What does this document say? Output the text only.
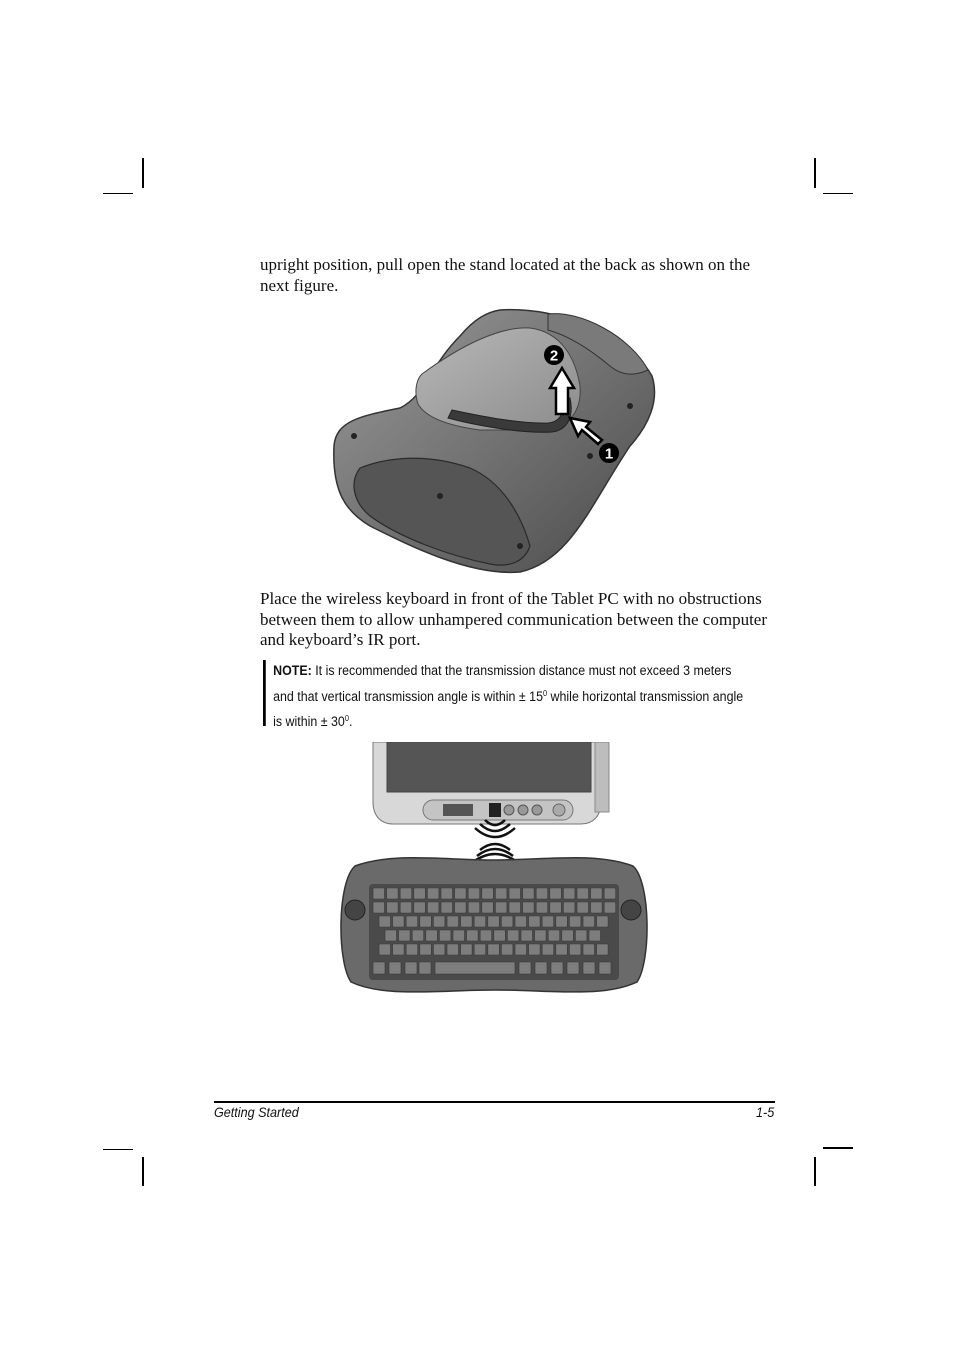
upright position, pull open the stand located at the back as shown on the next figure.

2
1

Place the wireless keyboard in front of the Tablet PC with no obstructions between them to allow unhampered communication between the computer and keyboard’s IR port.

NOTE: It is recommended that the transmission distance must not exceed 3 meters and that vertical transmission angle is within ± $15^0$ while horizontal transmission angle is within ± $30^0$.
Getting Started	1-5
